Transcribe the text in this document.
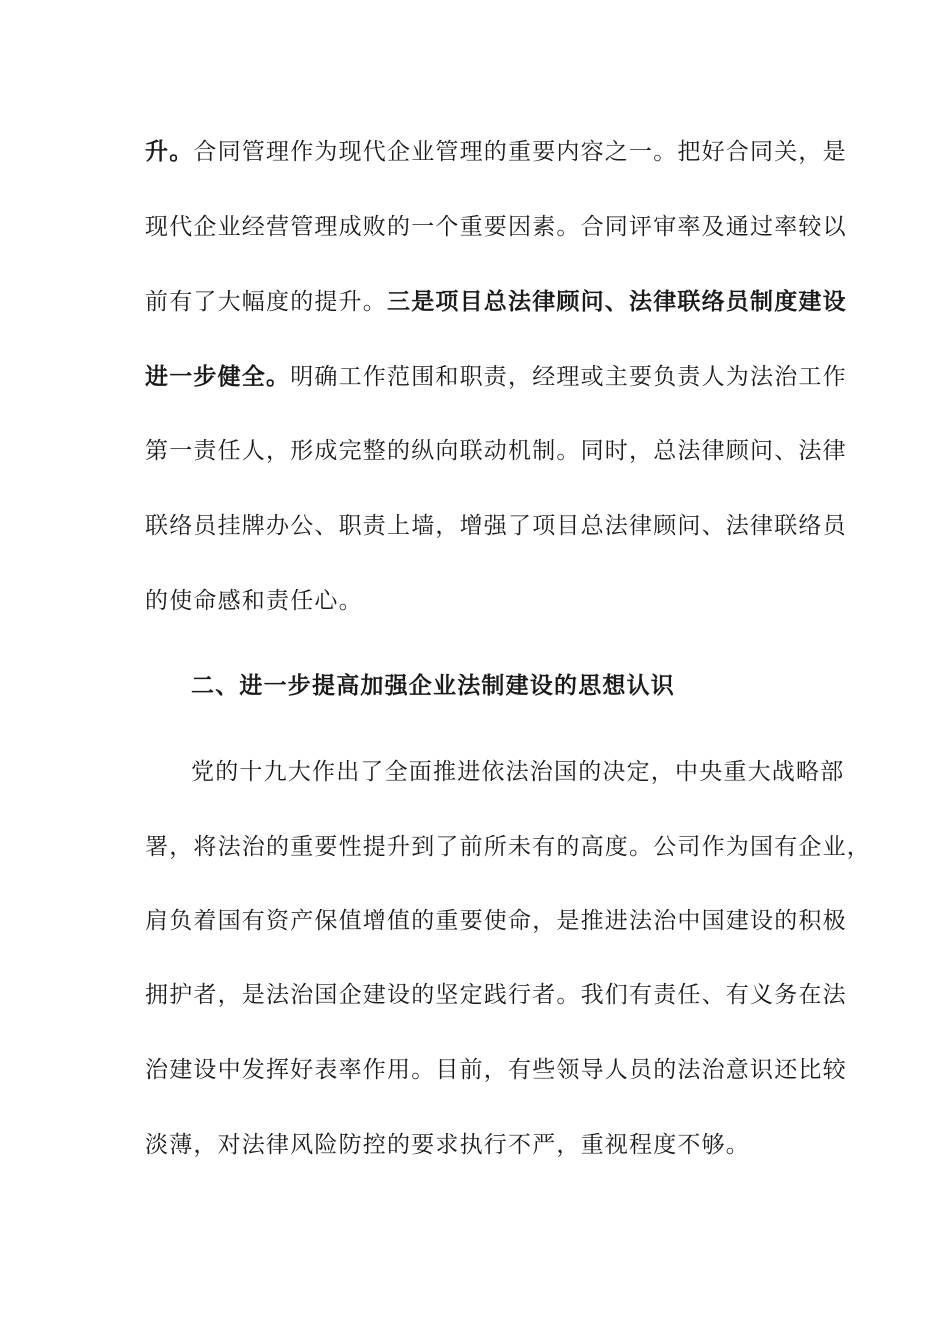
升。合同管理作为现代企业管理的重要内容之一。把好合同关，是
现代企业经营管理成败的一个重要因素。合同评审率及通过率较以
前有了大幅度的提升。三是项目总法律顾问、法律联络员制度建设
进一步健全。明确工作范围和职责，经理或主要负责人为法治工作
第一责任人，形成完整的纵向联动机制。同时，总法律顾问、法律
联络员挂牌办公、职责上墙，增强了项目总法律顾问、法律联络员
的使命感和责任心。
二、进一步提高加强企业法制建设的思想认识
党的十九大作出了全面推进依法治国的决定，中央重大战略部
署，将法治的重要性提升到了前所未有的高度。公司作为国有企业，
肩负着国有资产保值增值的重要使命，是推进法治中国建设的积极
拥护者，是法治国企建设的坚定践行者。我们有责任、有义务在法
治建设中发挥好表率作用。目前，有些领导人员的法治意识还比较
淡薄，对法律风险防控的要求执行不严，重视程度不够。
